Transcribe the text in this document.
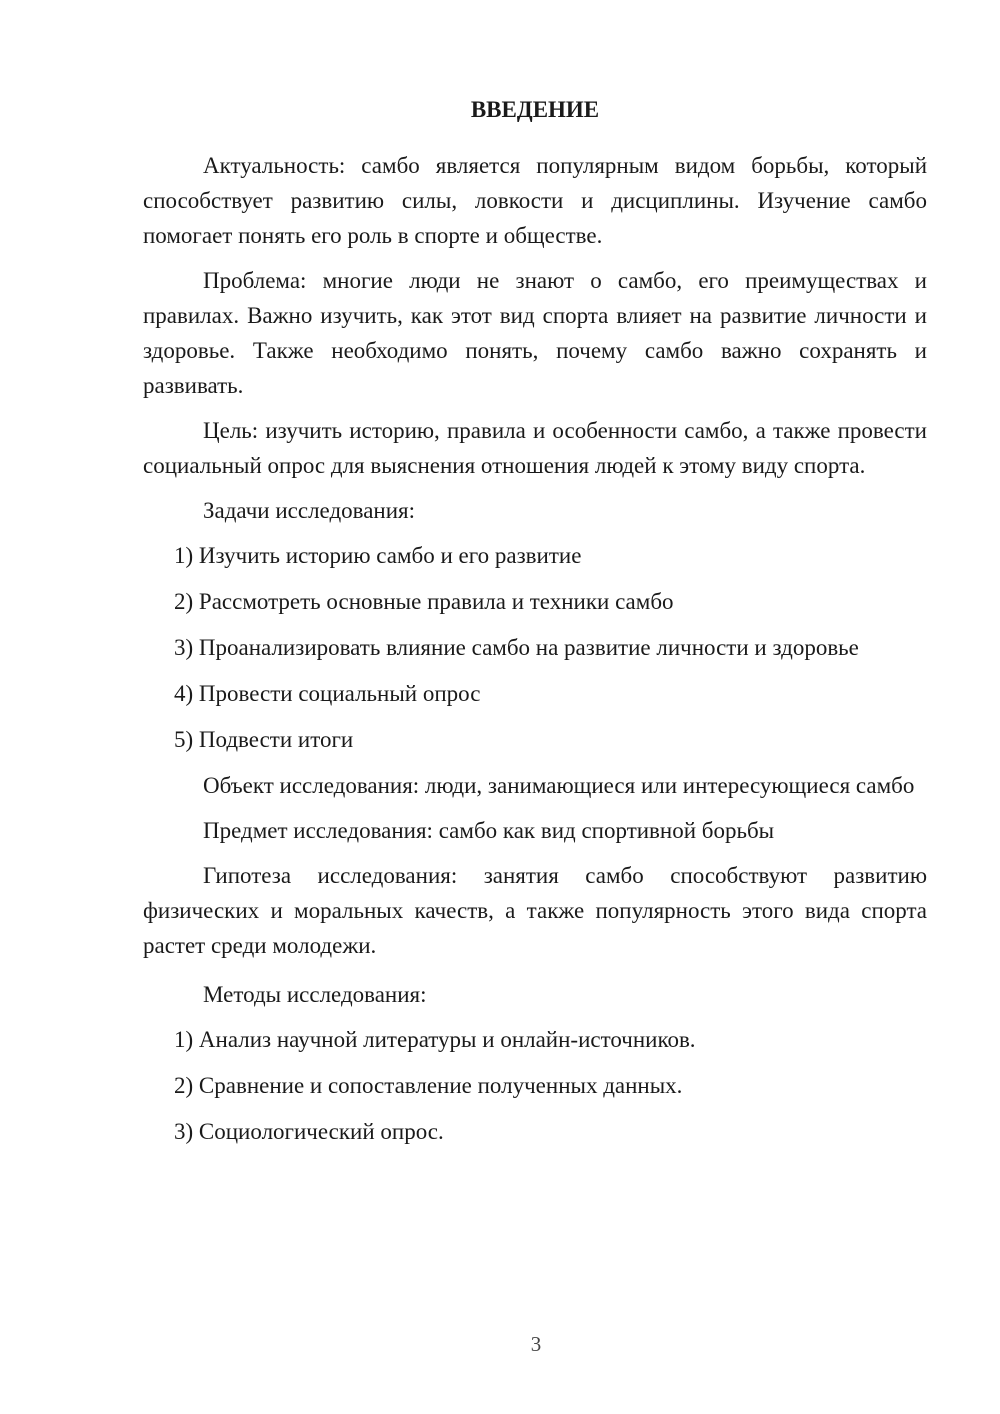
ВВЕДЕНИЕ

Актуальность: самбо является популярным видом борьбы, который способствует развитию силы, ловкости и дисциплины. Изучение самбо помогает понять его роль в спорте и обществе.

Проблема: многие люди не знают о самбо, его преимуществах и правилах. Важно изучить, как этот вид спорта влияет на развитие личности и здоровье. Также необходимо понять, почему самбо важно сохранять и развивать.

Цель: изучить историю, правила и особенности самбо, а также провести социальный опрос для выяснения отношения людей к этому виду спорта.

Задачи исследования:

1) Изучить историю самбо и его развитие
2) Рассмотреть основные правила и техники самбо
3) Проанализировать влияние самбо на развитие личности и здоровье
4) Провести социальный опрос
5) Подвести итоги

Объект исследования: люди, занимающиеся или интересующиеся самбо

Предмет исследования: самбо как вид спортивной борьбы

Гипотеза исследования: занятия самбо способствуют развитию физических и моральных качеств, а также популярность этого вида спорта растет среди молодежи.

Методы исследования:

1) Анализ научной литературы и онлайн-источников.
2) Сравнение и сопоставление полученных данных.
3) Социологический опрос.
3
